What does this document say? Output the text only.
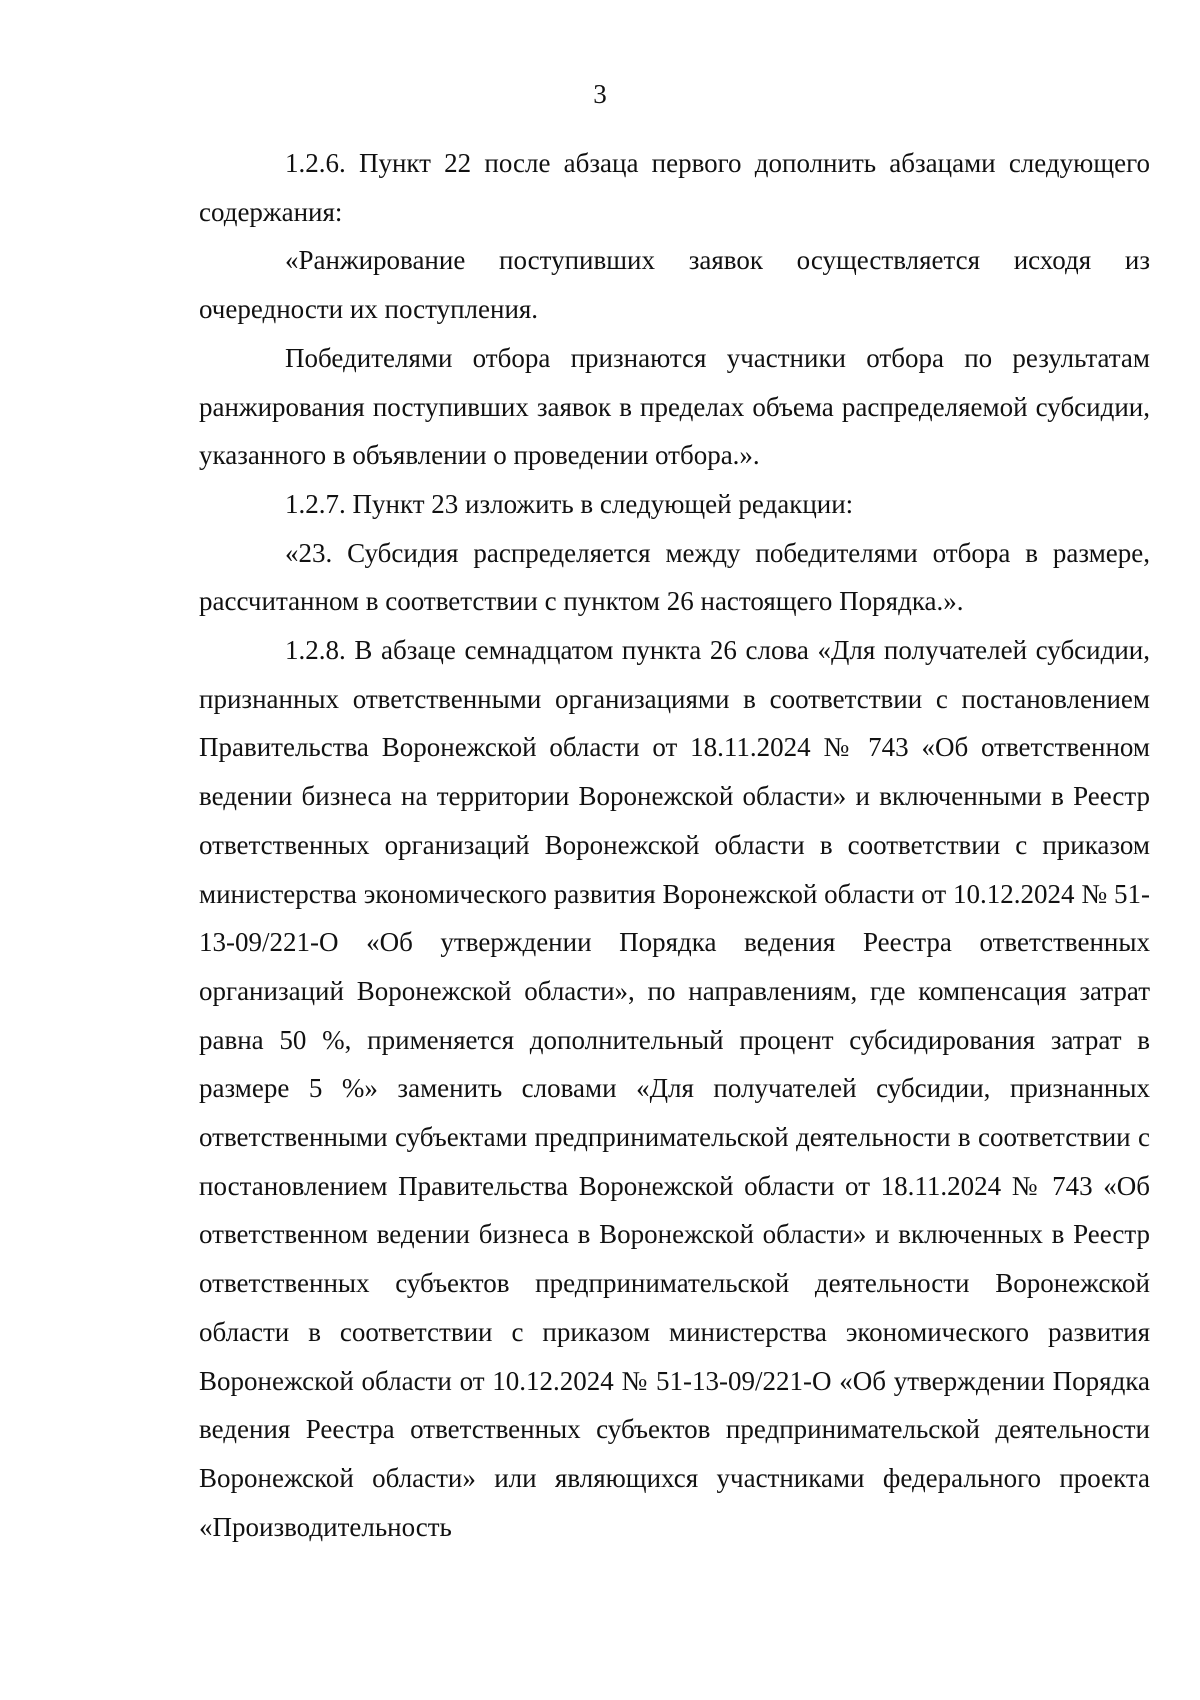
3

1.2.6. Пункт 22 после абзаца первого дополнить абзацами следующего содержания:

«Ранжирование поступивших заявок осуществляется исходя из очередности их поступления.

Победителями отбора признаются участники отбора по результатам ранжирования поступивших заявок в пределах объема распределяемой субсидии, указанного в объявлении о проведении отбора.».

1.2.7. Пункт 23 изложить в следующей редакции:

«23. Субсидия распределяется между победителями отбора в размере, рассчитанном в соответствии с пунктом 26 настоящего Порядка.».

1.2.8. В абзаце семнадцатом пункта 26 слова «Для получателей субсидии, признанных ответственными организациями в соответствии с постановлением Правительства Воронежской области от 18.11.2024 № 743 «Об ответственном ведении бизнеса на территории Воронежской области» и включенными в Реестр ответственных организаций Воронежской области в соответствии с приказом министерства экономического развития Воронежской области от 10.12.2024 № 51-13-09/221-О «Об утверждении Порядка ведения Реестра ответственных организаций Воронежской области», по направлениям, где компенсация затрат равна 50 %, применяется дополнительный процент субсидирования затрат в размере 5 %» заменить словами «Для получателей субсидии, признанных ответственными субъектами предпринимательской деятельности в соответствии с постановлением Правительства Воронежской области от 18.11.2024 № 743 «Об ответственном ведении бизнеса в Воронежской области» и включенных в Реестр ответственных субъектов предпринимательской деятельности Воронежской области в соответствии с приказом министерства экономического развития Воронежской области от 10.12.2024 № 51-13-09/221-О «Об утверждении Порядка ведения Реестра ответственных субъектов предпринимательской деятельности Воронежской области» или являющихся участниками федерального проекта «Производительность
